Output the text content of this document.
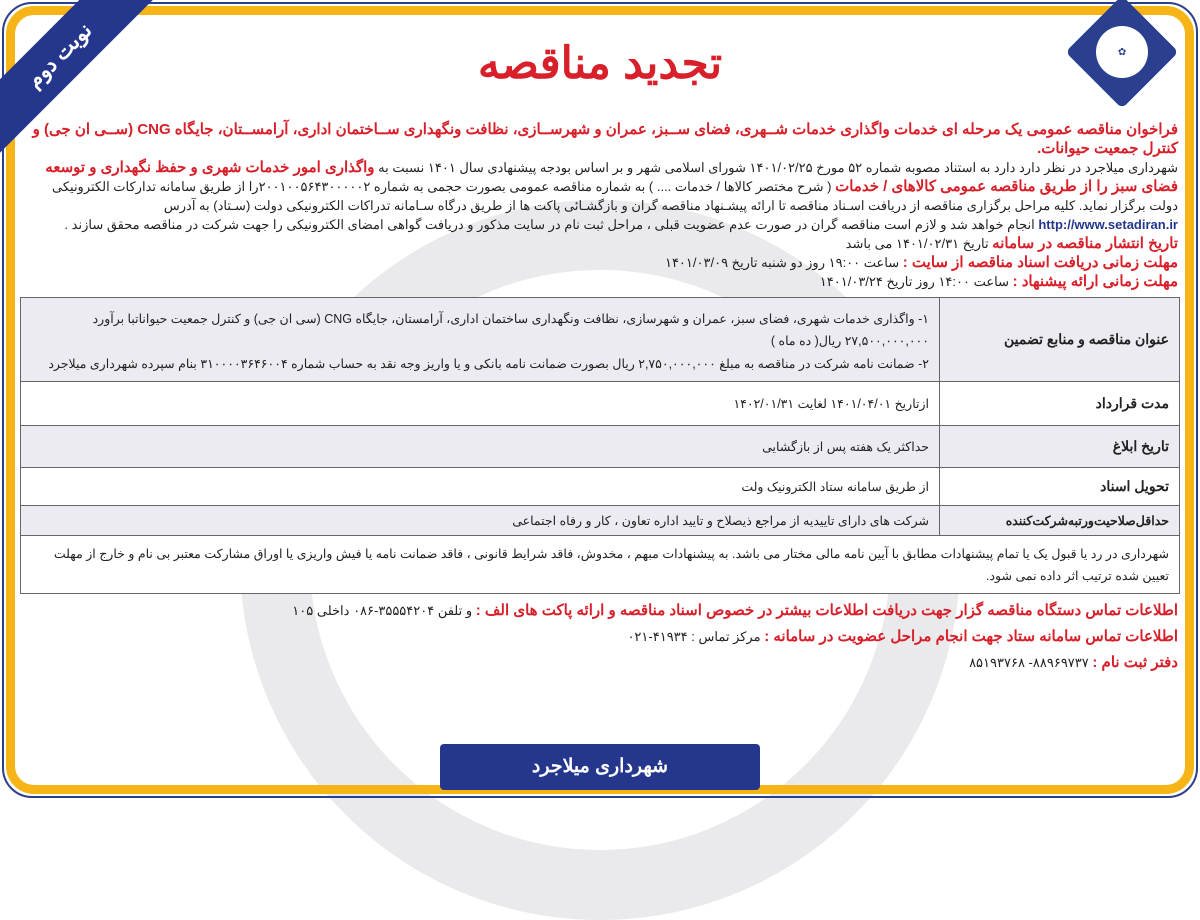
نوبت دوم	✿
تجدید مناقصه
فراخوان مناقصه عمومی یک مرحله ای خدمات واگذاری خدمات شــهری، فضای ســبز، عمران و شهرســازی، نظافت ونگهداری ســاختمان اداری، آرامســتان، جایگاه CNG (ســی ان جی) و کنترل جمعیت حیوانات.
شهرداری میلاجرد در نظر دارد دارد به استناد مصوبه شماره ۵۲ مورخ ۱۴۰۱/۰۲/۲۵ شورای اسلامی شهر و بر اساس بودجه پیشنهادی سال ۱۴۰۱ نسبت به واگذاری امور خدمات شهری و حفظ نگهداری و توسعه فضای سبز را از طریق مناقصه عمومی کالاهای / خدمات ( شرح مختصر کالاها / خدمات .... ) به شماره مناقصه عمومی بصورت حجمی به شماره ۲۰۰۱۰۰۵۶۴۳۰۰۰۰۰۲را از طریق سامانه تدارکات الکترونیکی دولت برگزار نماید. کلیه مراحل برگزاری مناقصه از دریافت اسـناد مناقصه تا ارائه پیشـنهاد مناقصه گران و بازگشـائی پاکت ها از طریق درگاه سـامانه تدراکات الکترونیکی دولت (سـتاد) به آدرس http://www.setadiran.ir انجام خواهد شد و لازم است مناقصه گران در صورت عدم عضویت قبلی ، مراحل ثبت نام در سایت مذکور و دریافت گواهی امضای الکترونیکی را جهت شرکت در مناقصه محقق سازند .
تاریخ انتشار مناقصه در سامانه تاریخ ۱۴۰۱/۰۲/۳۱ می باشد
مهلت زمانی دریافت اسناد مناقصه از سایت : ساعت ۱۹:۰۰ روز دو شنبه تاریخ ۱۴۰۱/۰۳/۰۹
مهلت زمانی ارائه پیشنهاد : ساعت ۱۴:۰۰ روز تاریخ ۱۴۰۱/۰۳/۲۴
عنوان مناقصه و منابع تضمین	۱- واگذاری خدمات شهری، فضای سبز، عمران و شهرسازی، نظافت ونگهداری ساختمان اداری، آرامستان، جایگاه CNG (سی ان جی) و کنترل جمعیت حیواناتبا برآورد ۲۷,۵۰۰,۰۰۰,۰۰۰ ریال( ده ماه )
۲- ضمانت نامه شرکت در مناقصه به مبلغ ۲,۷۵۰,۰۰۰,۰۰۰ ریال بصورت ضمانت نامه بانکی و یا واریز وجه نقد به حساب شماره ۳۱۰۰۰۰۳۶۴۶۰۰۴ بنام سپرده شهرداری میلاجرد

مدت قرارداد	ازتاریخ ۱۴۰۱/۰۴/۰۱ لغایت ۱۴۰۲/۰۱/۳۱
تاریخ ابلاغ	حداکثر یک هفته پس از بازگشایی
تحویل اسناد	از طریق سامانه ستاد الکترونیک ولت
حداقل‌صلاحیت‌ورتبه‌شرکت‌کننده	شرکت های دارای تاییدیه از مراجع ذیصلاح و تایید اداره تعاون ، کار و رفاه اجتماعی
شهرداری در رد یا قبول یک یا تمام پیشنهادات مطابق با آیین نامه مالی مختار می باشد. به پیشنهادات مبهم ، مخدوش، فاقد شرایط قانونی ، فاقد ضمانت نامه یا فیش واریزی یا اوراق مشارکت معتبر بی نام و خارج از مهلت تعیین شده ترتیب اثر داده نمی شود.	
اطلاعات تماس دستگاه مناقصه گزار جهت دریافت اطلاعات بیشتر در خصوص اسناد مناقصه و ارائه پاکت های الف : و تلفن ۳۵۵۵۴۲۰۴-۰۸۶ داخلی ۱۰۵
اطلاعات تماس سامانه ستاد جهت انجام مراحل عضویت در سامانه : مرکز تماس : ۴۱۹۳۴-۰۲۱
دفتر ثبت نام : ۸۸۹۶۹۷۳۷- ۸۵۱۹۳۷۶۸
شهرداری میلاجرد
